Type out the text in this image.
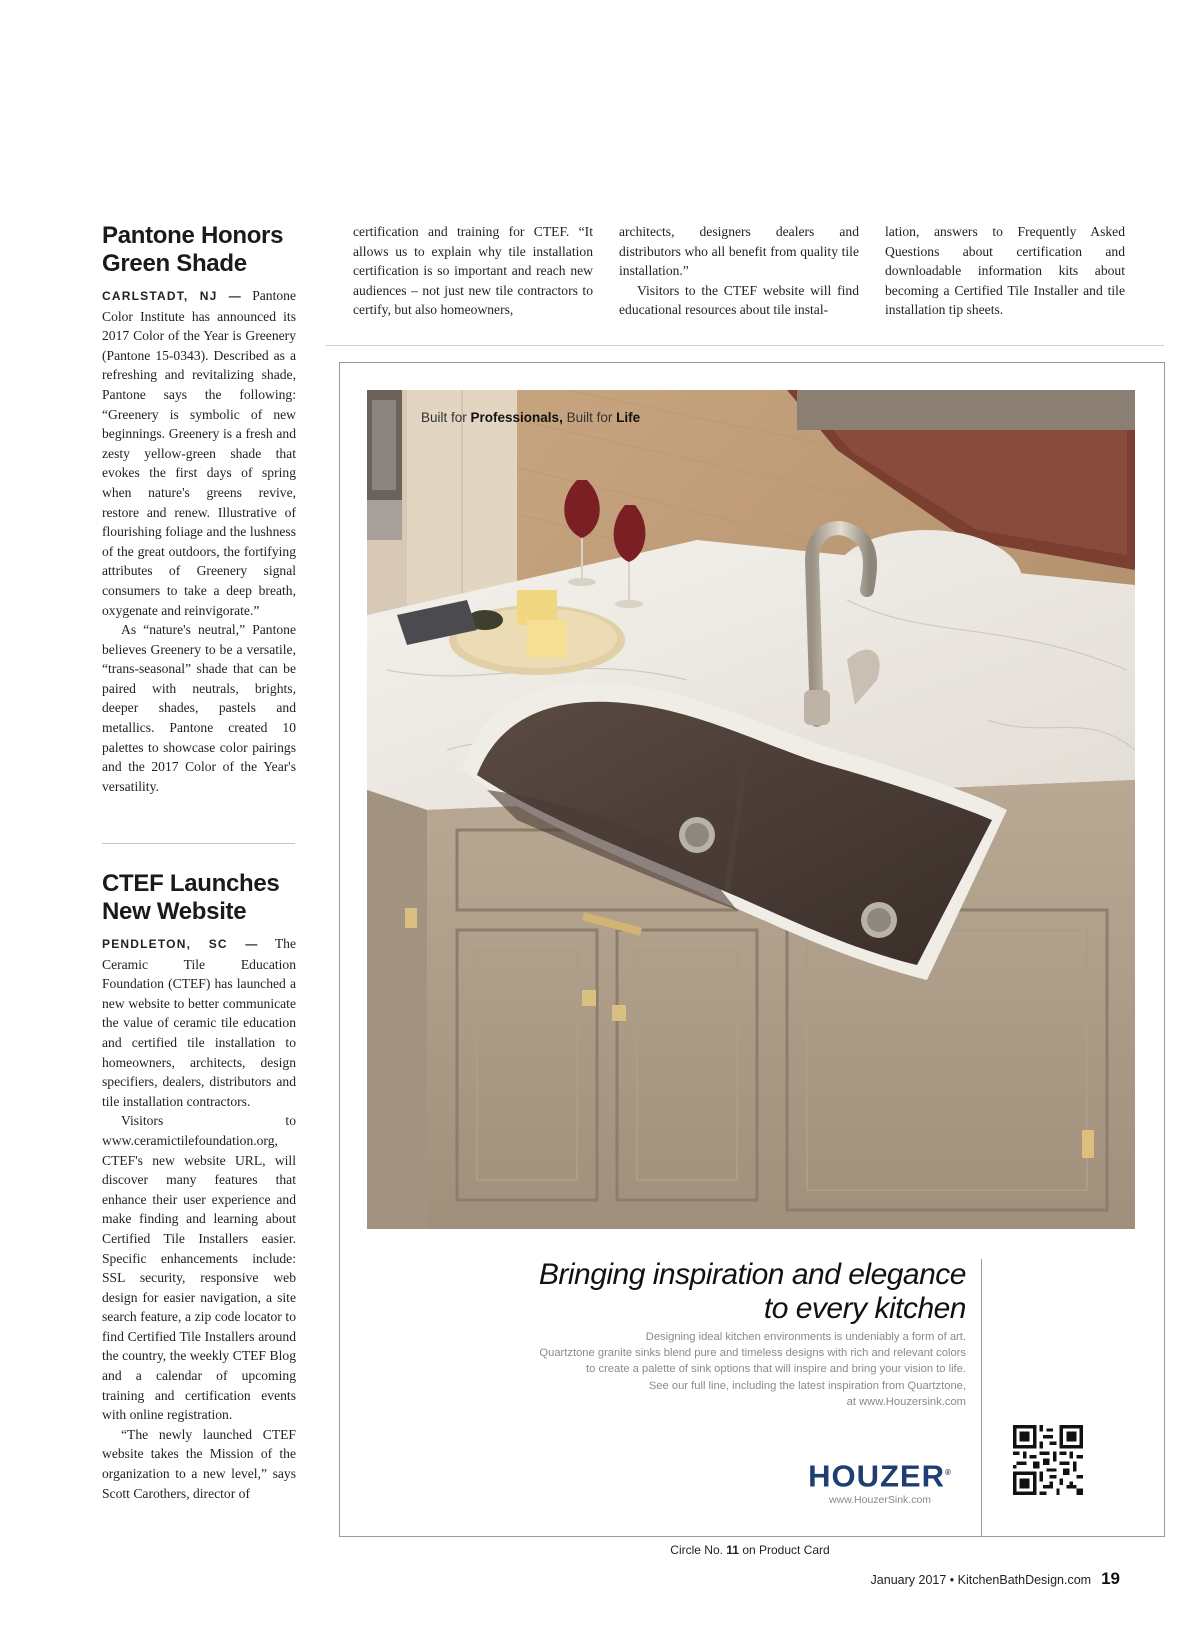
Pantone Honors Green Shade

CARLSTADT, NJ — Pantone Color Institute has announced its 2017 Color of the Year is Greenery (Pantone 15-0343). Described as a refreshing and revitalizing shade, Pantone says the following: “Greenery is symbolic of new beginnings. Greenery is a fresh and zesty yellow-green shade that evokes the first days of spring when nature's greens revive, restore and renew. Illustrative of flourishing foliage and the lushness of the great outdoors, the fortifying attributes of Greenery signal consumers to take a deep breath, oxygenate and reinvigorate.”

As “nature's neutral,” Pantone believes Greenery to be a versatile, “trans-seasonal” shade that can be paired with neutrals, brights, deeper shades, pastels and metallics. Pantone created 10 palettes to showcase color pairings and the 2017 Color of the Year's versatility.

CTEF Launches New Website

PENDLETON, SC — The Ceramic Tile Education Foundation (CTEF) has launched a new website to better communicate the value of ceramic tile education and certified tile installation to homeowners, architects, design specifiers, dealers, distributors and tile installation contractors.

Visitors to www.ceramictilefoundation.org, CTEF's new website URL, will discover many features that enhance their user experience and make finding and learning about Certified Tile Installers easier. Specific enhancements include: SSL security, responsive web design for easier navigation, a site search feature, a zip code locator to find Certified Tile Installers around the country, the weekly CTEF Blog and a calendar of upcoming training and certification events with online registration.

“The newly launched CTEF website takes the Mission of the organization to a new level,” says Scott Carothers, director of

certification and training for CTEF. “It allows us to explain why tile installation certification is so important and reach new audiences – not just new tile contractors to certify, but also homeowners,

architects, designers dealers and distributors who all benefit from quality tile installation.”

Visitors to the CTEF website will find educational resources about tile instal-

lation, answers to Frequently Asked Questions about certification and downloadable information kits about becoming a Certified Tile Installer and tile installation tip sheets.

Built for Professionals, Built for Life
Bringing inspiration and elegance
to every kitchen
Designing ideal kitchen environments is undeniably a form of art.
Quartztone granite sinks blend pure and timeless designs with rich and relevant colors
to create a palette of sink options that will inspire and bring your vision to life.
See our full line, including the latest inspiration from Quartztone,
at www.Houzersink.com
HOUZER®
www.HouzerSink.com
Circle No. 11 on Product Card
January 2017 • KitchenBathDesign.com 19
